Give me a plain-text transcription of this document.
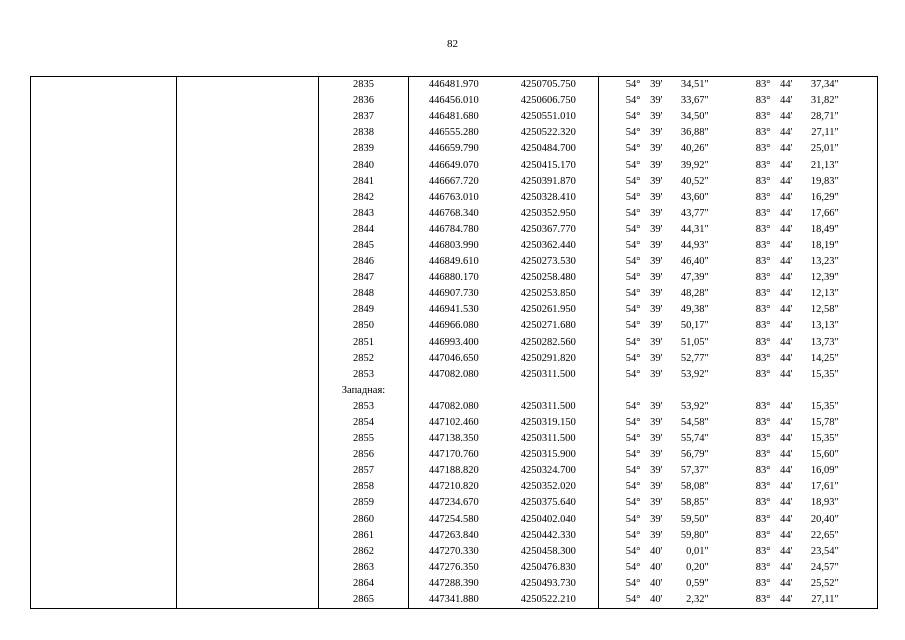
82
		2835	446481.970	4250705.750	54°	39'	34,51	"	83°	44'	37,34	"
		2836	446456.010	4250606.750	54°	39'	33,67	"	83°	44'	31,82	"
		2837	446481.680	4250551.010	54°	39'	34,50	"	83°	44'	28,71	"
		2838	446555.280	4250522.320	54°	39'	36,88	"	83°	44'	27,11	"
		2839	446659.790	4250484.700	54°	39'	40,26	"	83°	44'	25,01	"
		2840	446649.070	4250415.170	54°	39'	39,92	"	83°	44'	21,13	"
		2841	446667.720	4250391.870	54°	39'	40,52	"	83°	44'	19,83	"
		2842	446763.010	4250328.410	54°	39'	43,60	"	83°	44'	16,29	"
		2843	446768.340	4250352.950	54°	39'	43,77	"	83°	44'	17,66	"
		2844	446784.780	4250367.770	54°	39'	44,31	"	83°	44'	18,49	"
		2845	446803.990	4250362.440	54°	39'	44,93	"	83°	44'	18,19	"
		2846	446849.610	4250273.530	54°	39'	46,40	"	83°	44'	13,23	"
		2847	446880.170	4250258.480	54°	39'	47,39	"	83°	44'	12,39	"
		2848	446907.730	4250253.850	54°	39'	48,28	"	83°	44'	12,13	"
		2849	446941.530	4250261.950	54°	39'	49,38	"	83°	44'	12,58	"
		2850	446966.080	4250271.680	54°	39'	50,17	"	83°	44'	13,13	"
		2851	446993.400	4250282.560	54°	39'	51,05	"	83°	44'	13,73	"
		2852	447046.650	4250291.820	54°	39'	52,77	"	83°	44'	14,25	"
		2853	447082.080	4250311.500	54°	39'	53,92	"	83°	44'	15,35	"
		Западная:										
		2853	447082.080	4250311.500	54°	39'	53,92	"	83°	44'	15,35	"
		2854	447102.460	4250319.150	54°	39'	54,58	"	83°	44'	15,78	"
		2855	447138.350	4250311.500	54°	39'	55,74	"	83°	44'	15,35	"
		2856	447170.760	4250315.900	54°	39'	56,79	"	83°	44'	15,60	"
		2857	447188.820	4250324.700	54°	39'	57,37	"	83°	44'	16,09	"
		2858	447210.820	4250352.020	54°	39'	58,08	"	83°	44'	17,61	"
		2859	447234.670	4250375.640	54°	39'	58,85	"	83°	44'	18,93	"
		2860	447254.580	4250402.040	54°	39'	59,50	"	83°	44'	20,40	"
		2861	447263.840	4250442.330	54°	39'	59,80	"	83°	44'	22,65	"
		2862	447270.330	4250458.300	54°	40'	0,01	"	83°	44'	23,54	"
		2863	447276.350	4250476.830	54°	40'	0,20	"	83°	44'	24,57	"
		2864	447288.390	4250493.730	54°	40'	0,59	"	83°	44'	25,52	"
		2865	447341.880	4250522.210	54°	40'	2,32	"	83°	44'	27,11	"
